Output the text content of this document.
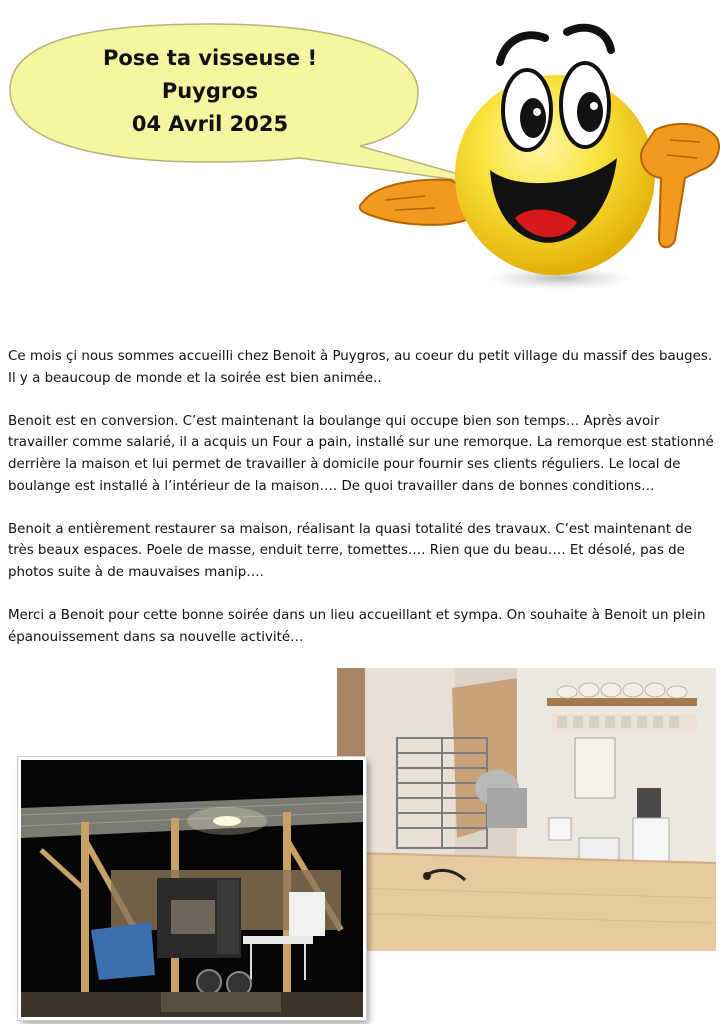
Pose ta visseuse !
Puygros
04 Avril 2025

Ce mois çi nous sommes accueilli chez Benoit à Puygros, au coeur du petit village du massif des bauges. Il y a beaucoup de monde et la soirée est bien animée..

Benoit est en conversion. C’est maintenant la boulange qui occupe bien son temps… Après avoir travailler comme salarié, il a acquis un Four a pain, installé sur une remorque. La remorque est stationné derrière la maison et lui permet de travailler à domicile pour fournir ses clients réguliers. Le local de boulange est installé à l’intérieur de la maison…. De quoi travailler dans de bonnes conditions…

Benoit a entièrement restaurer sa maison, réalisant la quasi totalité des travaux. C’est maintenant de très beaux espaces. Poele de masse, enduit terre, tomettes…. Rien que du beau…. Et désolé, pas de photos suite à de mauvaises manip….

Merci a Benoit pour cette bonne soirée dans un lieu accueillant et sympa. On souhaite à Benoit un plein épanouissement dans sa nouvelle activité…
